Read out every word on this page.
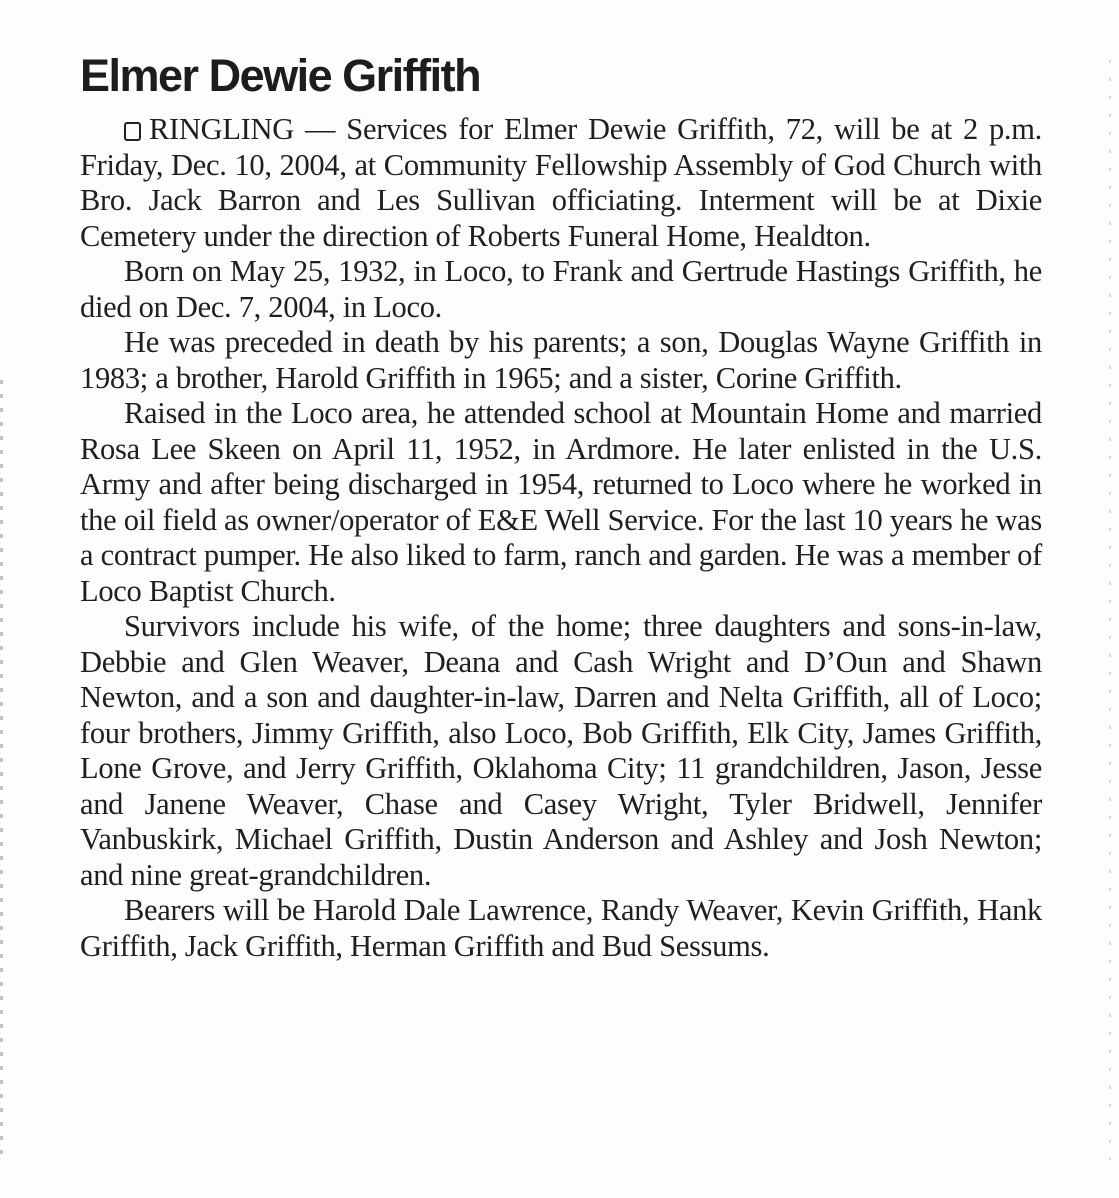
Elmer Dewie Griffith

RINGLING — Services for Elmer Dewie Griffith, 72, will be at 2 p.m. Friday, Dec. 10, 2004, at Community Fellowship Assembly of God Church with Bro. Jack Barron and Les Sullivan officiating. Interment will be at Dixie Cemetery under the direction of Roberts Funeral Home, Healdton.

Born on May 25, 1932, in Loco, to Frank and Gertrude Hastings Griffith, he died on Dec. 7, 2004, in Loco.

He was preceded in death by his parents; a son, Douglas Wayne Griffith in 1983; a brother, Harold Griffith in 1965; and a sister, Corine Griffith.

Raised in the Loco area, he attended school at Mountain Home and married Rosa Lee Skeen on April 11, 1952, in Ardmore. He later enlisted in the U.S. Army and after being discharged in 1954, returned to Loco where he worked in the oil field as owner/operator of E&E Well Service. For the last 10 years he was a contract pumper. He also liked to farm, ranch and garden. He was a member of Loco Baptist Church.

Survivors include his wife, of the home; three daughters and sons-in-law, Debbie and Glen Weaver, Deana and Cash Wright and D’Oun and Shawn Newton, and a son and daughter-in-law, Darren and Nelta Griffith, all of Loco; four brothers, Jimmy Griffith, also Loco, Bob Griffith, Elk City, James Griffith, Lone Grove, and Jerry Griffith, Oklahoma City; 11 grandchildren, Jason, Jesse and Janene Weaver, Chase and Casey Wright, Tyler Bridwell, Jennifer Vanbuskirk, Michael Griffith, Dustin Anderson and Ashley and Josh Newton; and nine great-grandchildren.

Bearers will be Harold Dale Lawrence, Randy Weaver, Kevin Griffith, Hank Griffith, Jack Griffith, Herman Griffith and Bud Sessums.
